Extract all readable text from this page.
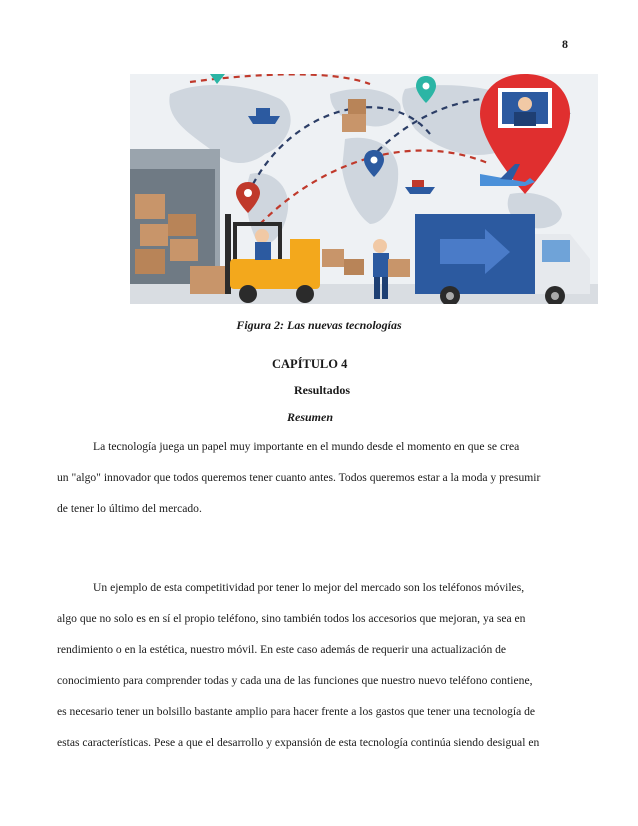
8
Figura 2: Las nuevas tecnologías
CAPÍTULO 4
Resultados
Resumen
La tecnología juega un papel muy importante en el mundo desde el momento en que se crea
un "algo" innovador que todos queremos tener cuanto antes. Todos queremos estar a la moda y presumir
de tener lo último del mercado.
Un ejemplo de esta competitividad por tener lo mejor del mercado son los teléfonos móviles,
algo que no solo es en sí el propio teléfono, sino también todos los accesorios que mejoran, ya sea en
rendimiento o en la estética, nuestro móvil. En este caso además de requerir una actualización de
conocimiento para comprender todas y cada una de las funciones que nuestro nuevo teléfono contiene,
es necesario tener un bolsillo bastante amplio para hacer frente a los gastos que tener una tecnología de
estas características. Pese a que el desarrollo y expansión de esta tecnología continúa siendo desigual en
